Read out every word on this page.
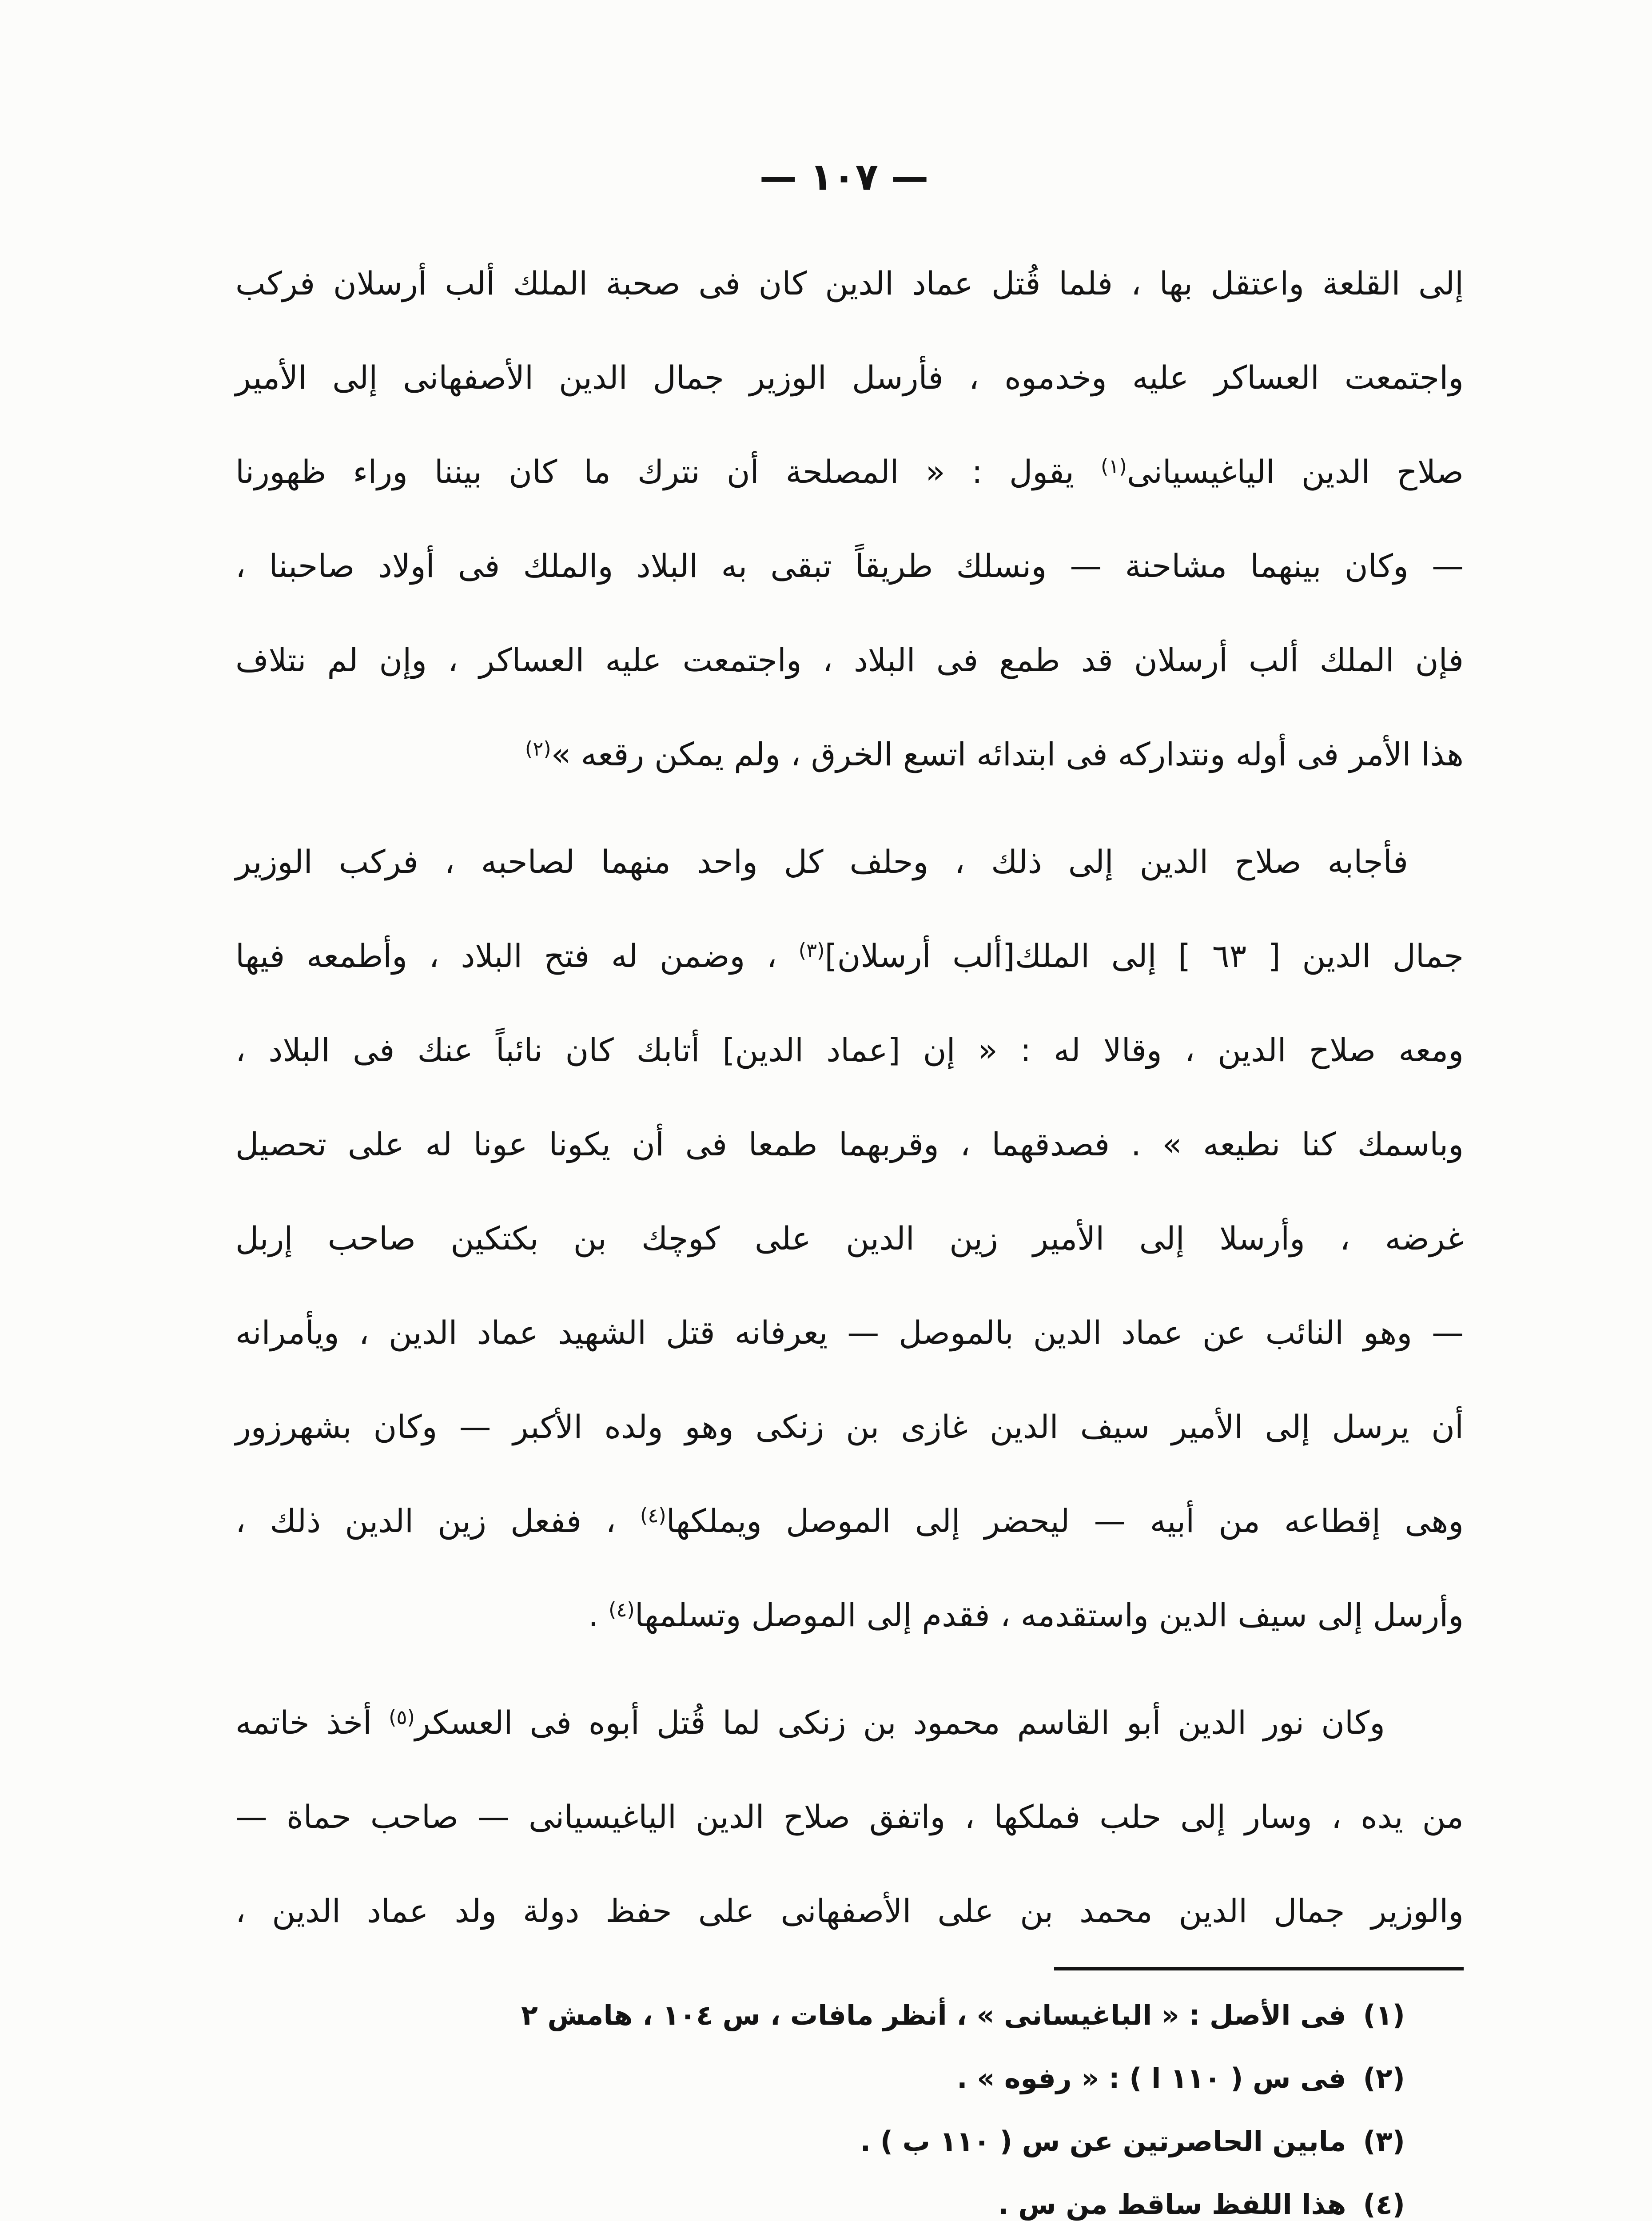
— ١٠٧ —
إلى القلعة واعتقل بها ، فلما قُتل عماد الدين كان فى صحبة الملك ألب أرسلان فركب
واجتمعت العساكر عليه وخدموه ، فأرسل الوزير جمال الدين الأصفهانى إلى الأمير
صلاح الدين الياغيسيانى$^{(١)}$ يقول : « المصلحة أن نترك ما كان بيننا وراء ظهورنا
— وكان بينهما مشاحنة — ونسلك طريقاً تبقى به البلاد والملك فى أولاد صاحبنا ،
فإن الملك ألب أرسلان قد طمع فى البلاد ، واجتمعت عليه العساكر ، وإن لم نتلاف
هذا الأمر فى أوله ونتداركه فى ابتدائه اتسع الخرق ، ولم يمكن رقعه »$^{(٢)}$
فأجابه صلاح الدين إلى ذلك ، وحلف كل واحد منهما لصاحبه ، فركب الوزير
جمال الدين [ ٦٣ ] إلى الملك[ألب أرسلان]$^{(٣)}$ ، وضمن له فتح البلاد ، وأطمعه فيها
ومعه صلاح الدين ، وقالا له : « إن [عماد الدين] أتابك كان نائباً عنك فى البلاد ،
وباسمك كنا نطيعه » . فصدقهما ، وقربهما طمعا فى أن يكونا عونا له على تحصيل
غرضه ، وأرسلا إلى الأمير زين الدين على كوچك بن بكتكين صاحب إربل
— وهو النائب عن عماد الدين بالموصل — يعرفانه قتل الشهيد عماد الدين ، ويأمرانه
أن يرسل إلى الأمير سيف الدين غازى بن زنكى وهو ولده الأكبر — وكان بشهرزور
وهى إقطاعه من أبيه — ليحضر إلى الموصل ويملكها$^{(٤)}$ ، ففعل زين الدين ذلك ،
وأرسل إلى سيف الدين واستقدمه ، فقدم إلى الموصل وتسلمها$^{(٤)}$ .
وكان نور الدين أبو القاسم محمود بن زنكى لما قُتل أبوه فى العسكر$^{(٥)}$ أخذ خاتمه
من يده ، وسار إلى حلب فملكها ، واتفق صلاح الدين الياغيسيانى — صاحب حماة —
والوزير جمال الدين محمد بن على الأصفهانى على حفظ دولة ولد عماد الدين ،
(١)فى الأصل : « الباغيسانى » ، أنظر مافات ، س ١٠٤ ، هامش ٢
(٢)فى س ( ١١٠ ا ) : « رفوه » .
(٣)مابين الحاصرتين عن س ( ١١٠ ب ) .
(٤)هذا اللفظ ساقط من س .
